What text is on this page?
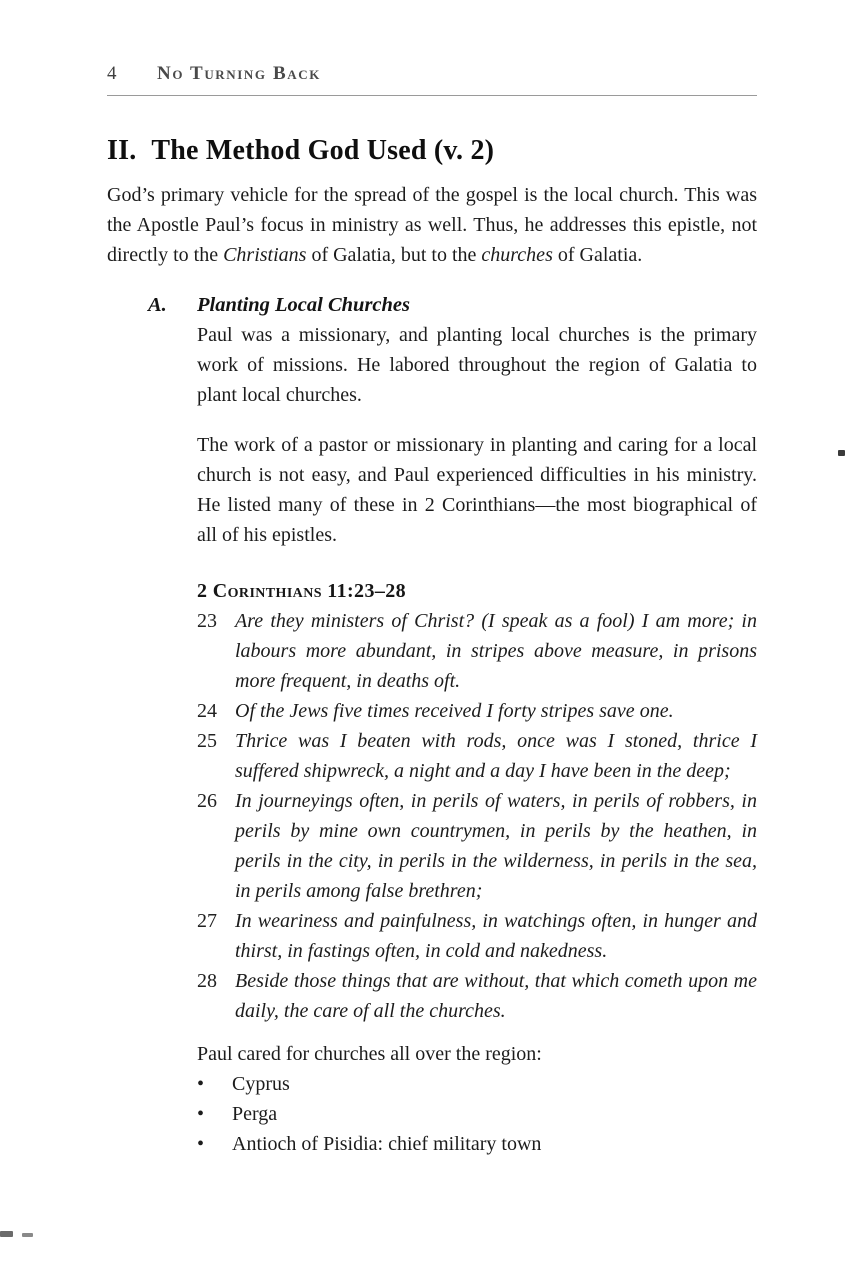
4 No Turning Back
II. The Method God Used (v. 2)

God’s primary vehicle for the spread of the gospel is the local church. This was the Apostle Paul’s focus in ministry as well. Thus, he addresses this epistle, not directly to the Christians of Galatia, but to the churches of Galatia.

A.	Planting Local Churches

Paul was a missionary, and planting local churches is the primary work of missions. He labored throughout the region of Galatia to plant local churches.

The work of a pastor or missionary in planting and caring for a local church is not easy, and Paul experienced difficulties in his ministry. He listed many of these in 2 Corinthians—the most biographical of all of his epistles.

2 Corinthians 11:23–28
23 Are they ministers of Christ? (I speak as a fool) I am more; in labours more abundant, in stripes above measure, in prisons more frequent, in deaths oft.
24 Of the Jews five times received I forty stripes save one.
25 Thrice was I beaten with rods, once was I stoned, thrice I suffered shipwreck, a night and a day I have been in the deep;
26 In journeyings often, in perils of waters, in perils of robbers, in perils by mine own countrymen, in perils by the heathen, in perils in the city, in perils in the wilderness, in perils in the sea, in perils among false brethren;
27 In weariness and painfulness, in watchings often, in hunger and thirst, in fastings often, in cold and nakedness.
28 Beside those things that are without, that which cometh upon me daily, the care of all the churches.
Paul cared for churches all over the region:
•	Cyprus
•	Perga
•	Antioch of Pisidia: chief military town
